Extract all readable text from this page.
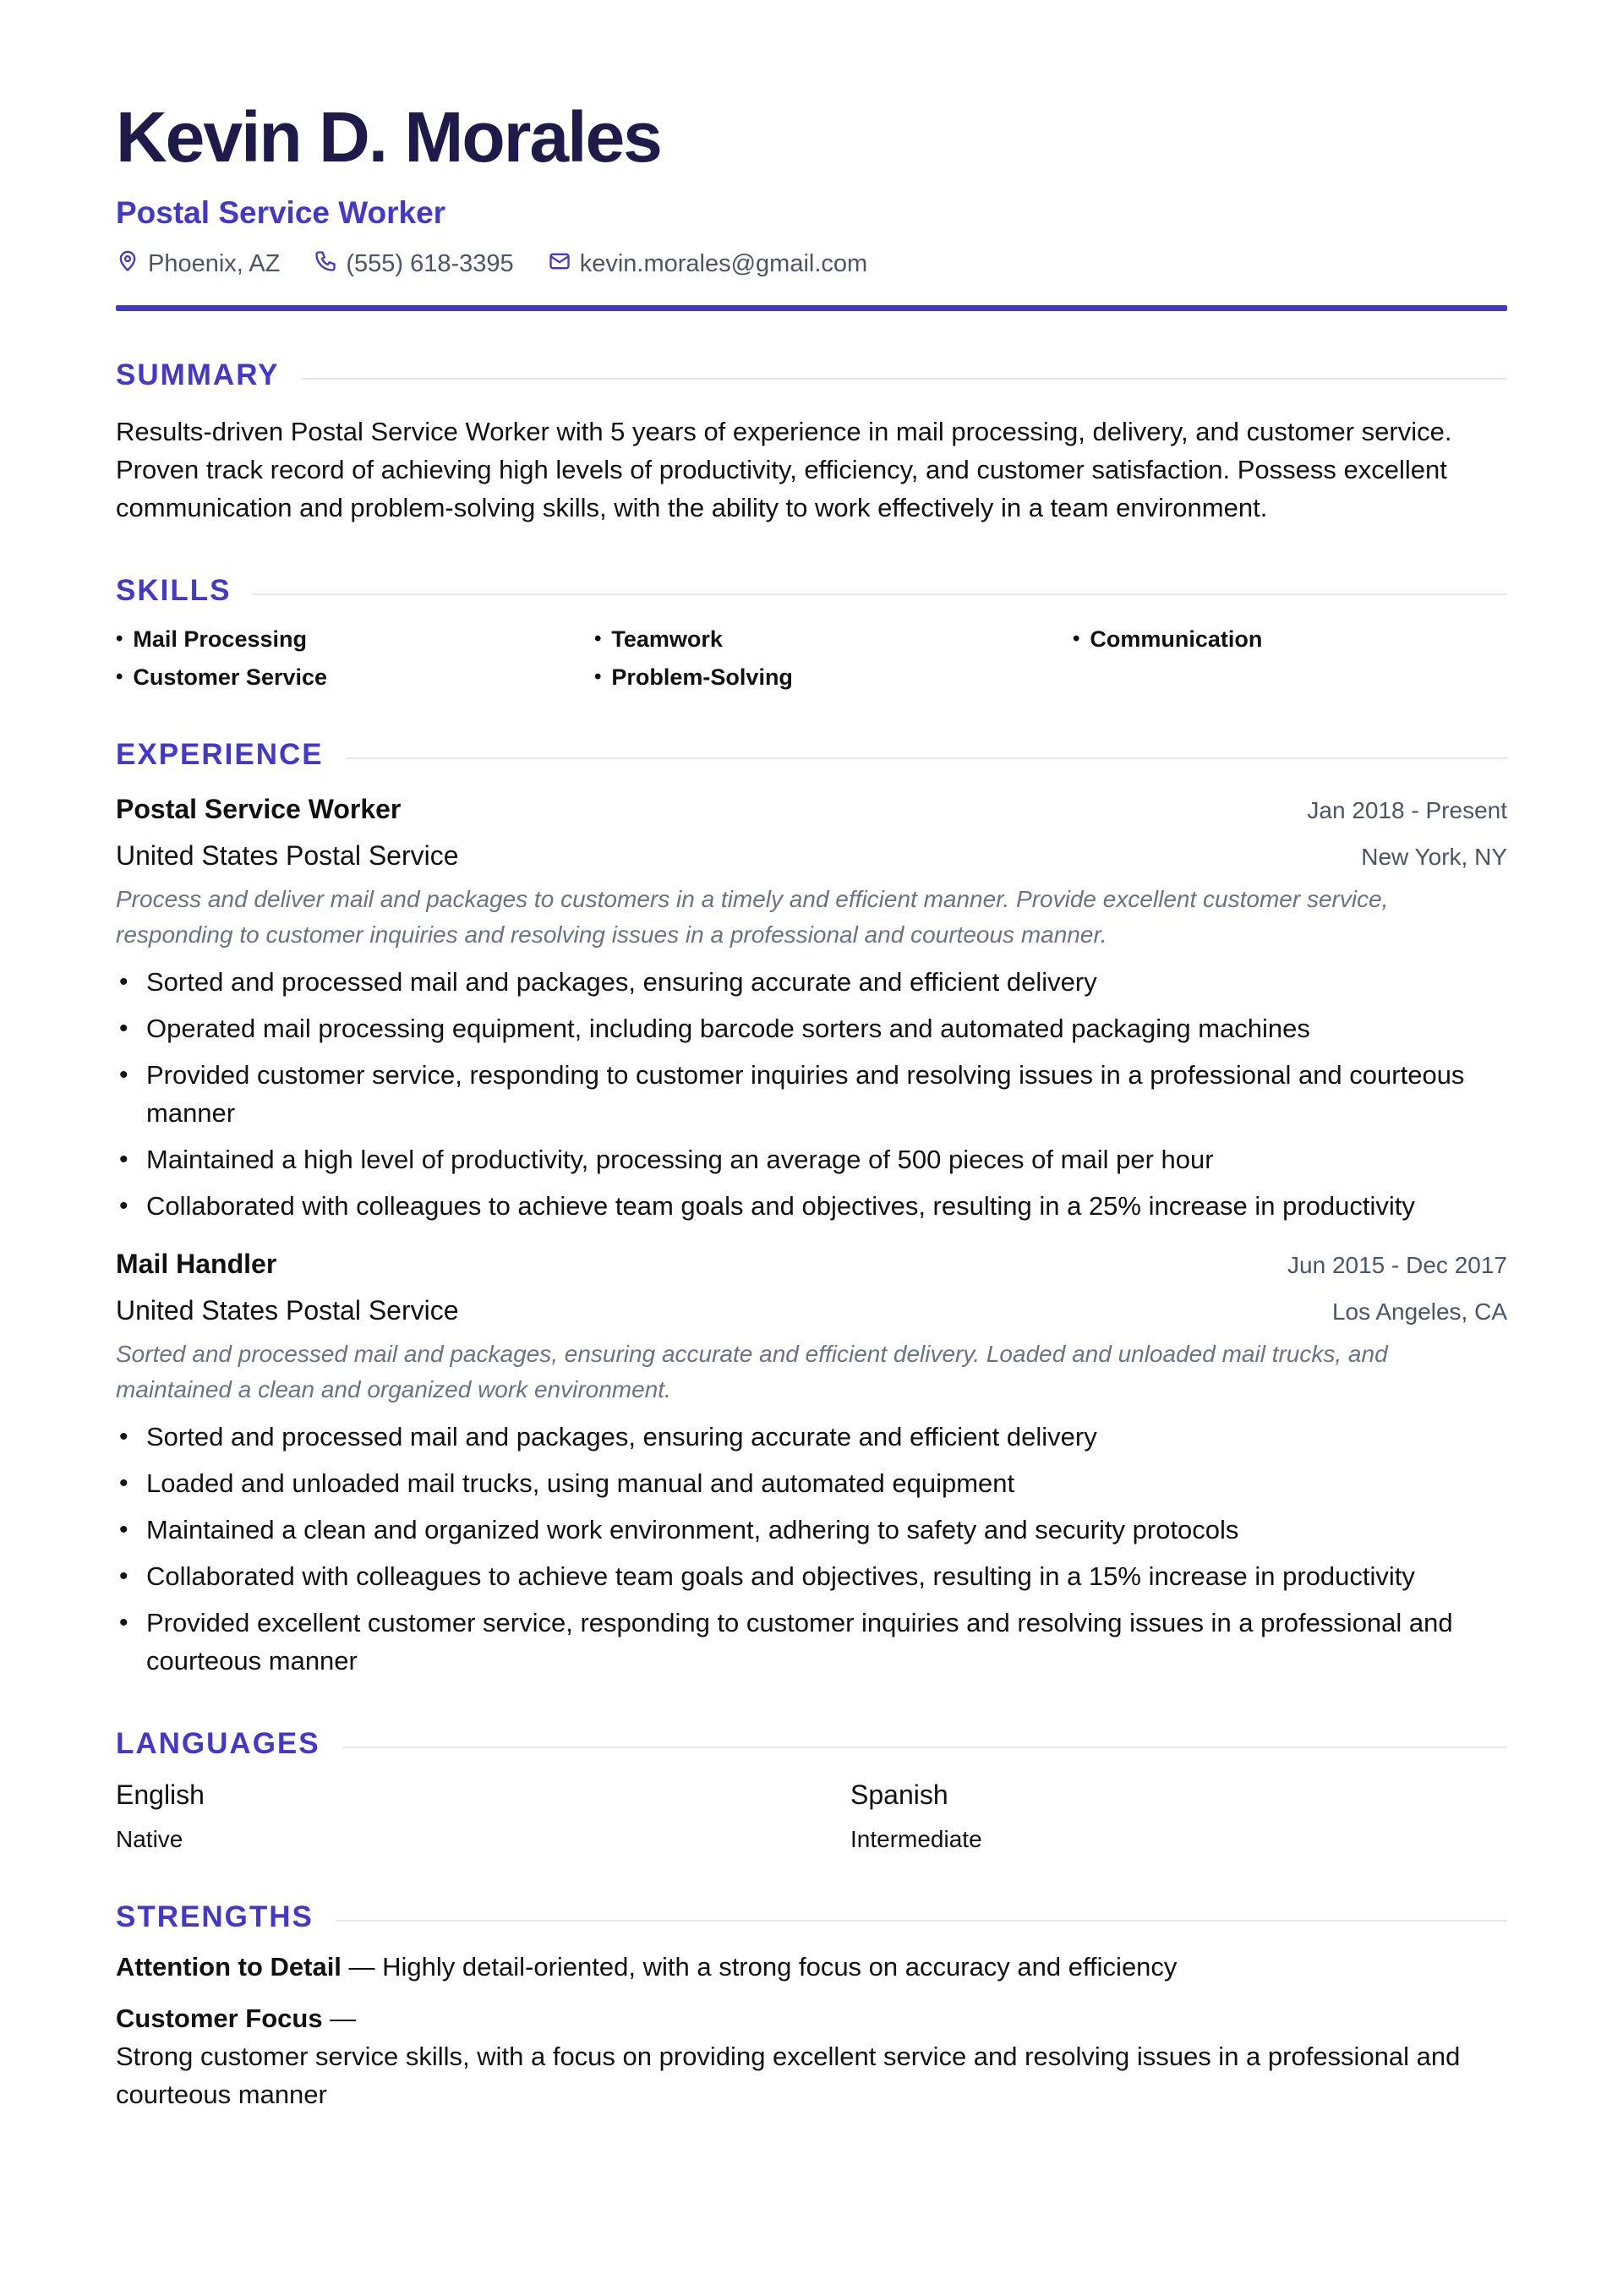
Kevin D. Morales
Postal Service Worker
Phoenix, AZ	(555) 618-3395	kevin.morales@gmail.com
SUMMARY
Results-driven Postal Service Worker with 5 years of experience in mail processing, delivery, and customer service. Proven track record of achieving high levels of productivity, efficiency, and customer satisfaction. Possess excellent communication and problem-solving skills, with the ability to work effectively in a team environment.
SKILLS
• Mail Processing	• Teamwork	• Communication
• Customer Service	• Problem-Solving
EXPERIENCE
Postal Service Worker	Jan 2018 - Present
United States Postal Service	New York, NY
Process and deliver mail and packages to customers in a timely and efficient manner. Provide excellent customer service, responding to customer inquiries and resolving issues in a professional and courteous manner.
• Sorted and processed mail and packages, ensuring accurate and efficient delivery
• Operated mail processing equipment, including barcode sorters and automated packaging machines
• Provided customer service, responding to customer inquiries and resolving issues in a professional and courteous manner
• Maintained a high level of productivity, processing an average of 500 pieces of mail per hour
• Collaborated with colleagues to achieve team goals and objectives, resulting in a 25% increase in productivity
Mail Handler	Jun 2015 - Dec 2017
United States Postal Service	Los Angeles, CA
Sorted and processed mail and packages, ensuring accurate and efficient delivery. Loaded and unloaded mail trucks, and maintained a clean and organized work environment.
• Sorted and processed mail and packages, ensuring accurate and efficient delivery
• Loaded and unloaded mail trucks, using manual and automated equipment
• Maintained a clean and organized work environment, adhering to safety and security protocols
• Collaborated with colleagues to achieve team goals and objectives, resulting in a 15% increase in productivity
• Provided excellent customer service, responding to customer inquiries and resolving issues in a professional and courteous manner
LANGUAGES
English
Native
Spanish
Intermediate
STRENGTHS
Attention to Detail — Highly detail-oriented, with a strong focus on accuracy and efficiency
Customer Focus —
Strong customer service skills, with a focus on providing excellent service and resolving issues in a professional and courteous manner
